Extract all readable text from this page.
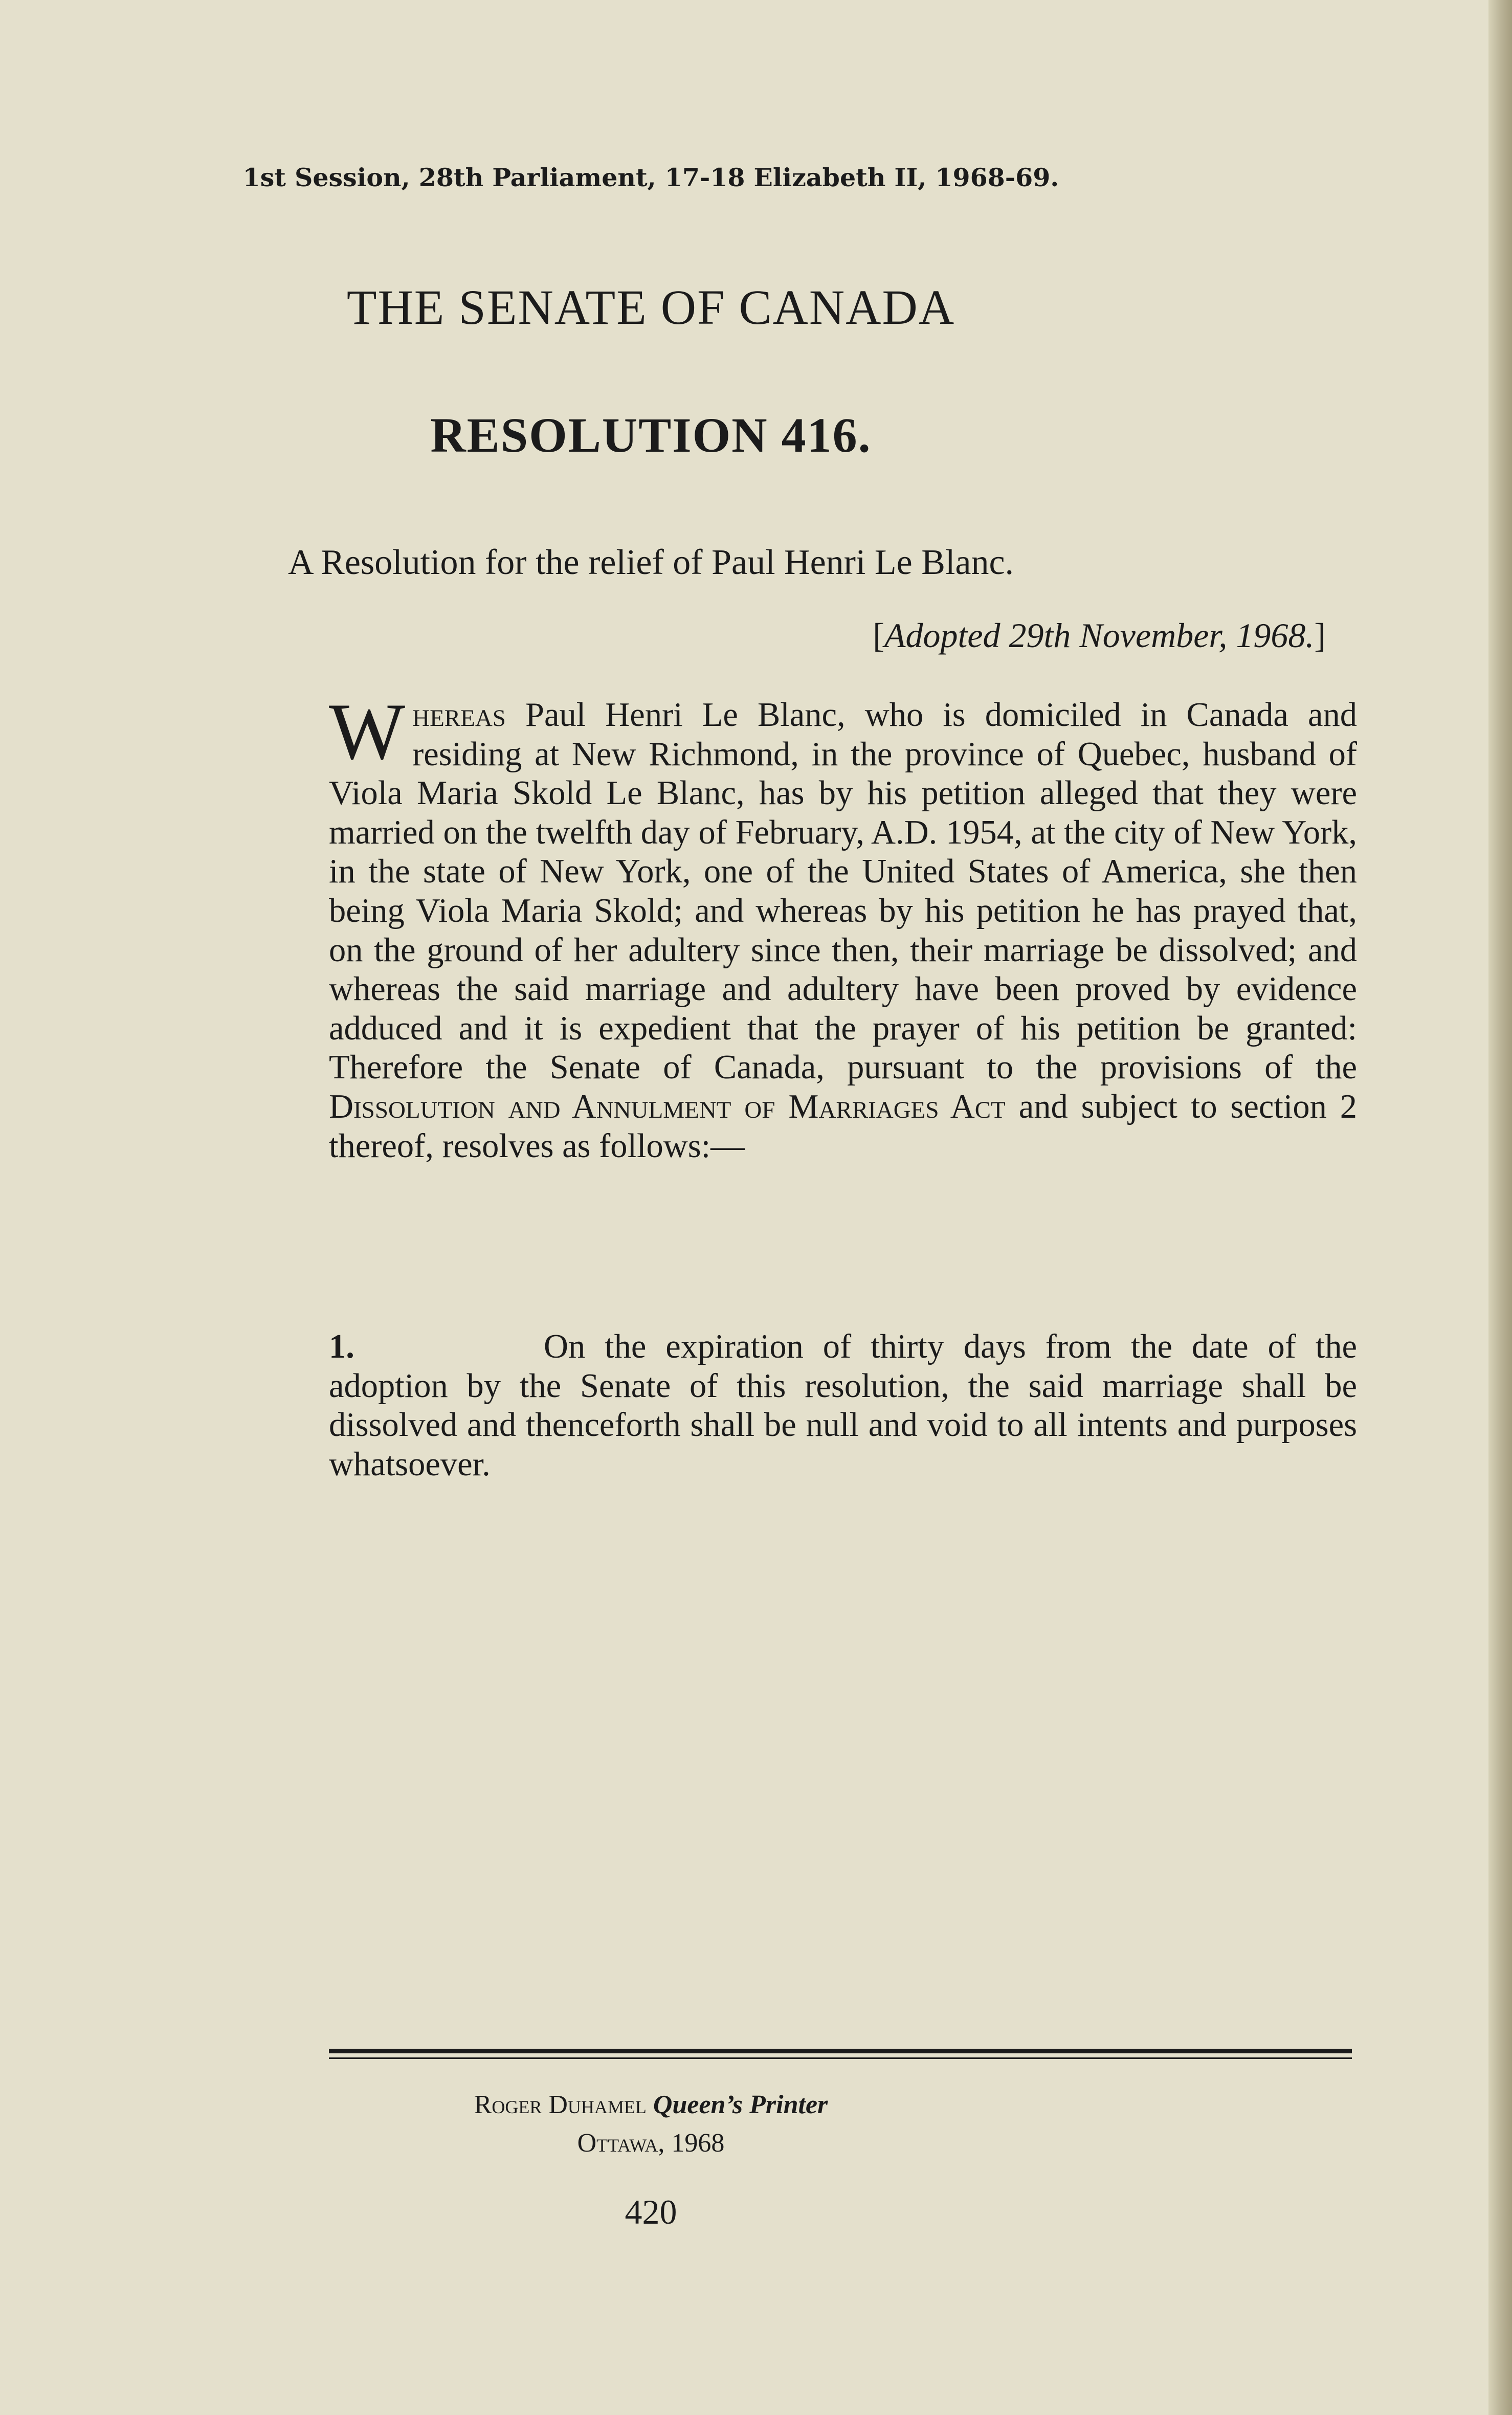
1st Session, 28th Parliament, 17-18 Elizabeth II, 1968-69.
THE SENATE OF CANADA
RESOLUTION 416.
A Resolution for the relief of Paul Henri Le Blanc.
[Adopted 29th November, 1968.]

Whereas Paul Henri Le Blanc, who is domiciled in Canada and residing at New Richmond, in the province of Quebec, husband of Viola Maria Skold Le Blanc, has by his petition alleged that they were married on the twelfth day of February, A.D. 1954, at the city of New York, in the state of New York, one of the United States of America, she then being Viola Maria Skold; and whereas by his petition he has prayed that, on the ground of her adultery since then, their marriage be dissolved; and whereas the said marriage and adultery have been proved by evidence adduced and it is expedient that the prayer of his petition be granted: Therefore the Senate of Canada, pursuant to the provisions of the Dissolution and Annulment of Marriages Act and subject to section 2 thereof, resolves as follows:—

1.	On the expiration of thirty days from the date of the adoption by the Senate of this resolution, the said marriage shall be dissolved and thenceforth shall be null and void to all intents and purposes whatsoever.

Roger Duhamel Queen’s Printer
Ottawa, 1968
420
